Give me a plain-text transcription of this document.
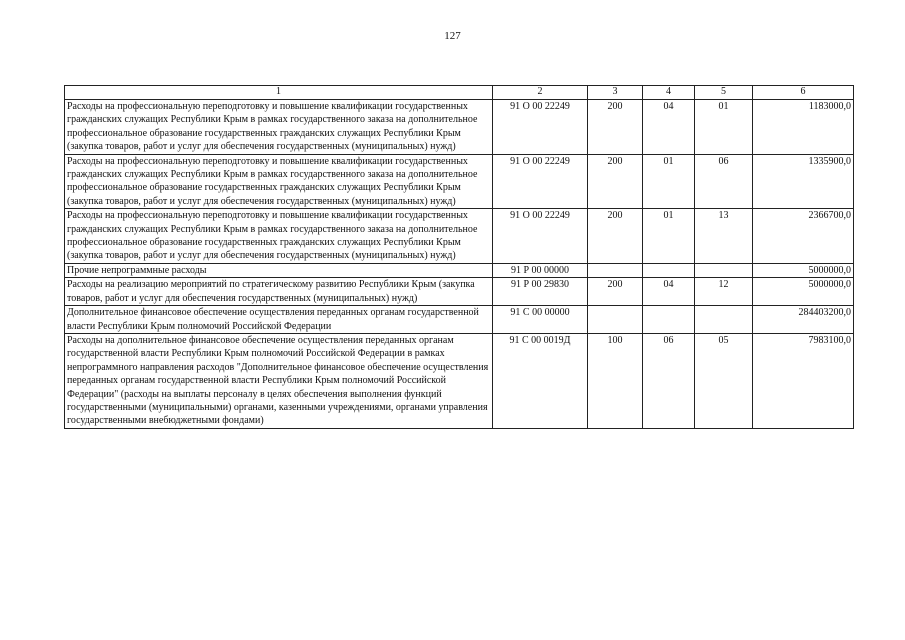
127
1	2	3	4	5	6
Расходы на профессиональную переподготовку и повышение квалификации государственных гражданских служащих Республики Крым в рамках государственного заказа на дополнительное профессиональное образование государственных гражданских служащих Республики Крым (закупка товаров, работ и услуг для обеспечения государственных (муниципальных) нужд)	91 О 00 22249	200	04	01	1183000,0
Расходы на профессиональную переподготовку и повышение квалификации государственных гражданских служащих Республики Крым в рамках государственного заказа на дополнительное профессиональное образование государственных гражданских служащих Республики Крым (закупка товаров, работ и услуг для обеспечения государственных (муниципальных) нужд)	91 О 00 22249	200	01	06	1335900,0
Расходы на профессиональную переподготовку и повышение квалификации государственных гражданских служащих Республики Крым в рамках государственного заказа на дополнительное профессиональное образование государственных гражданских служащих Республики Крым (закупка товаров, работ и услуг для обеспечения государственных (муниципальных) нужд)	91 О 00 22249	200	01	13	2366700,0
Прочие непрограммные расходы	91 Р 00 00000				5000000,0
Расходы на реализацию мероприятий по стратегическому развитию Республики Крым (закупка товаров, работ и услуг для обеспечения государственных (муниципальных) нужд)	91 Р 00 29830	200	04	12	5000000,0
Дополнительное финансовое обеспечение осуществления переданных органам государственной власти Республики Крым полномочий Российской Федерации	91 С 00 00000				284403200,0
Расходы на дополнительное финансовое обеспечение осуществления переданных органам государственной власти Республики Крым полномочий Российской Федерации в рамках непрограммного направления расходов "Дополнительное финансовое обеспечение осуществления переданных органам государственной власти Республики Крым полномочий Российской Федерации" (расходы на выплаты персоналу в целях обеспечения выполнения функций государственными (муниципальными) органами, казенными учреждениями, органами управления государственными внебюджетными фондами)	91 С 00 0019Д	100	06	05	7983100,0
